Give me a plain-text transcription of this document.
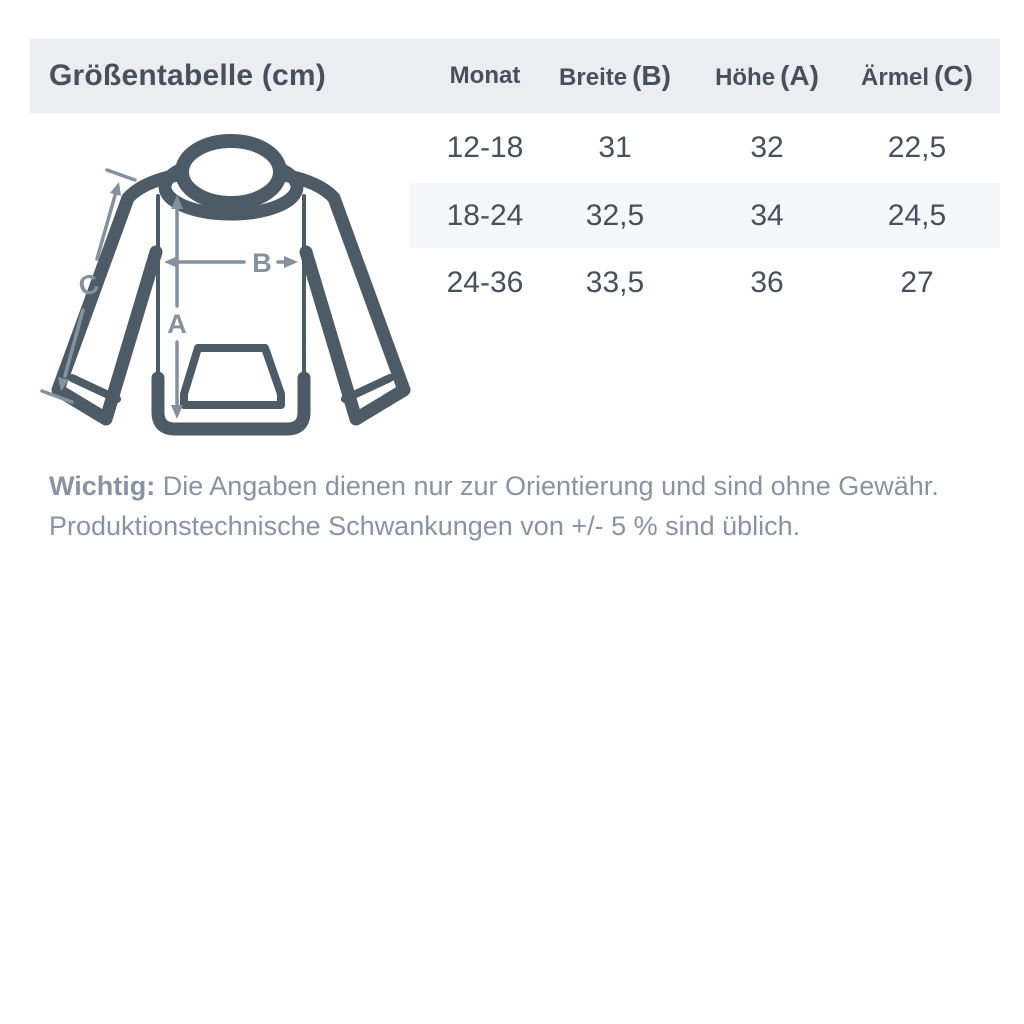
Größentabelle (cm)	Monat	Breite (B)	Höhe (A)	Ärmel (C)
12-18	31	32	22,5
18-24	32,5	34	24,5
24-36	33,5	36	27
A
B
C

Wichtig: Die Angaben dienen nur zur Orientierung und sind ohne Gewähr.
Produktionstechnische Schwankungen von +/- 5 % sind üblich.
